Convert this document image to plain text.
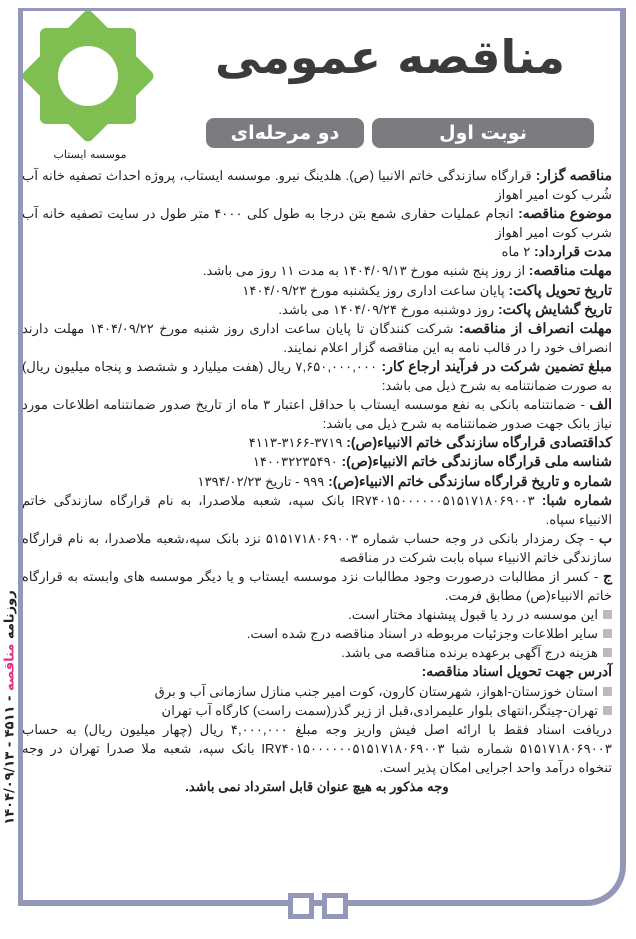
موسسه ایستاب
مناقصه عمومی
نوبت اول
دو مرحله‌ای
روزنامه مناقصه - ۴۵۱۱ - ۱۴۰۴/۰۹/۱۳
مناقصه گزار: قرارگاه سازندگی خاتم الانبیا (ص). هلدینگ نیرو. موسسه ایستاب، پروژه احداث تصفیه خانه آب شُرب کوت امیر اهواز
موضوع مناقصه: انجام عملیات حفاری شمع بتن درجا به طول کلی ۴۰۰۰ متر طول در سایت تصفیه خانه آب شرب کوت امیر اهواز
مدت قرارداد: ۲ ماه
مهلت مناقصه: از روز پنج شنبه مورخ ۱۴۰۴/۰۹/۱۳ به مدت ۱۱ روز می باشد.
تاریخ تحویل پاکت: پایان ساعت اداری روز یکشنبه مورخ ۱۴۰۴/۰۹/۲۳
تاریخ گشایش پاکت: روز دوشنبه مورخ ۱۴۰۴/۰۹/۲۴ می باشد.
مهلت انصراف از مناقصه: شرکت کنندگان تا پایان ساعت اداری روز شنبه مورخ ۱۴۰۴/۰۹/۲۲ مهلت دارند انصراف خود را در قالب نامه به این مناقصه گزار اعلام نمایند.
مبلغ تضمین شرکت در فرآیند ارجاع کار: ۷,۶۵۰,۰۰۰,۰۰۰ ریال (هفت میلیارد و ششصد و پنجاه میلیون ریال) به صورت ضمانتنامه به شرح ذیل می باشد:
الف - ضمانتنامه بانکی به نفع موسسه ایستاب با حداقل اعتبار ۳ ماه از تاریخ صدور ضمانتنامه اطلاعات مورد نیاز بانک جهت صدور ضمانتنامه به شرح ذیل می باشد:
کداقتصادی قرارگاه سازندگی خاتم الانبیاء(ص): ۳۷۱۹-۳۱۶۶-۴۱۱۳
شناسه ملی قرارگاه سازندگی خاتم الانبیاء(ص): ۱۴۰۰۳۲۲۳۵۴۹۰
شماره و تاریخ قرارگاه سازندگی خاتم الانبیاء(ص): ۹۹۹ - تاریخ ۱۳۹۴/۰۲/۲۳
شماره شبا: IR۷۴۰۱۵۰۰۰۰۰۰۵۱۵۱۷۱۸۰۶۹۰۰۳ بانک سپه، شعبه ملاصدرا، به نام قرارگاه سازندگی خاتم الانبیاء سپاه.
ب - چک رمزدار بانکی در وجه حساب شماره ۵۱۵۱۷۱۸۰۶۹۰۰۳ نزد بانک سپه،شعبه ملاصدرا، به نام قرارگاه سازندگی خاتم الانبیاء سپاه بابت شرکت در مناقصه
ج - کسر از مطالبات درصورت وجود مطالبات نزد موسسه ایستاب و یا دیگر موسسه های وابسته به قرارگاه خاتم الانبیاء(ص) مطابق فرمت.
این موسسه در رد یا قبول پیشنهاد مختار است.
سایر اطلاعات وجزئیات مربوطه در اسناد مناقصه درج شده است.
هزینه درج آگهی برعهده برنده مناقصه می باشد.
آدرس جهت تحویل اسناد مناقصه:
استان خوزستان-اهواز، شهرستان کارون، کوت امیر جنب منازل سازمانی آب و برق
تهران-چیتگر،انتهای بلوار علیمرادی،قبل از زیر گذر(سمت راست) کارگاه آب تهران
دریافت اسناد فقط با ارائه اصل فیش واریز وجه مبلغ ۴,۰۰۰,۰۰۰ ریال (چهار میلیون ریال) به حساب ۵۱۵۱۷۱۸۰۶۹۰۰۳ شماره شبا IR۷۴۰۱۵۰۰۰۰۰۰۵۱۵۱۷۱۸۰۶۹۰۰۳ بانک سپه، شعبه ملا صدرا تهران در وجه تنخواه درآمد واحد اجرایی امکان پذیر است.
وجه مذکور به هیچ عنوان قابل استرداد نمی باشد.
